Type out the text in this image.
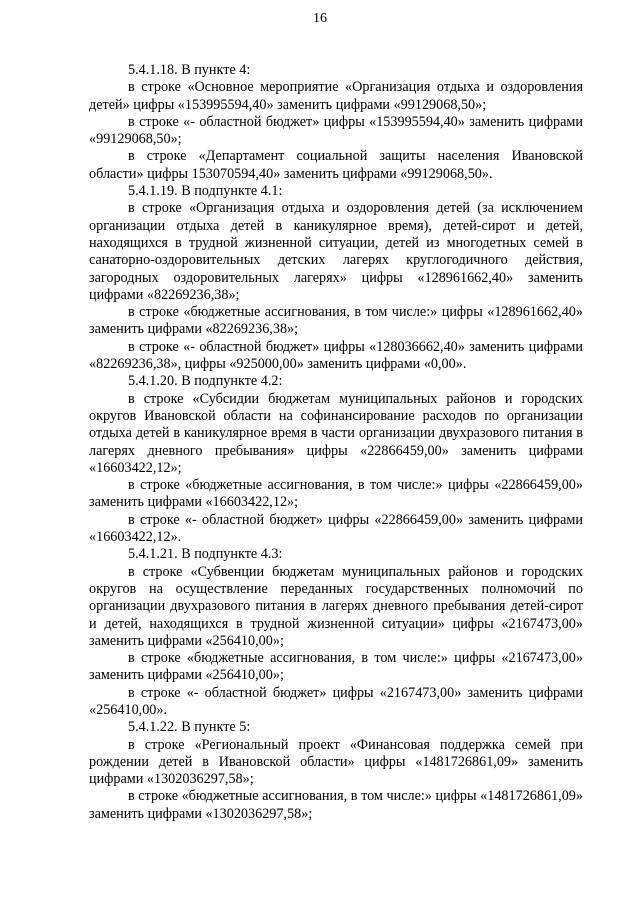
16

5.4.1.18. В пункте 4:

в строке «Основное мероприятие «Организация отдыха и оздоровления детей» цифры «153995594,40» заменить цифрами «99129068,50»;

в строке «- областной бюджет» цифры «153995594,40» заменить цифрами «99129068,50»;

в строке «Департамент социальной защиты населения Ивановской области» цифры 153070594,40» заменить цифрами «99129068,50».

5.4.1.19. В подпункте 4.1:

в строке «Организация отдыха и оздоровления детей (за исключением организации отдыха детей в каникулярное время), детей-сирот и детей, находящихся в трудной жизненной ситуации, детей из многодетных семей в санаторно-оздоровительных детских лагерях круглогодичного действия, загородных оздоровительных лагерях» цифры «128961662,40» заменить цифрами «82269236,38»;

в строке «бюджетные ассигнования, в том числе:» цифры «128961662,40» заменить цифрами «82269236,38»;

в строке «- областной бюджет» цифры «128036662,40» заменить цифрами «82269236,38», цифры «925000,00» заменить цифрами «0,00».

5.4.1.20. В подпункте 4.2:

в строке «Субсидии бюджетам муниципальных районов и городских округов Ивановской области на софинансирование расходов по организации отдыха детей в каникулярное время в части организации двухразового питания в лагерях дневного пребывания» цифры «22866459,00» заменить цифрами «16603422,12»;

в строке «бюджетные ассигнования, в том числе:» цифры «22866459,00» заменить цифрами «16603422,12»;

в строке «- областной бюджет» цифры «22866459,00» заменить цифрами «16603422,12».

5.4.1.21. В подпункте 4.3:

в строке «Субвенции бюджетам муниципальных районов и городских округов на осуществление переданных государственных полномочий по организации двухразового питания в лагерях дневного пребывания детей-сирот и детей, находящихся в трудной жизненной ситуации» цифры «2167473,00» заменить цифрами «256410,00»;

в строке «бюджетные ассигнования, в том числе:» цифры «2167473,00» заменить цифрами «256410,00»;

в строке «- областной бюджет» цифры «2167473,00» заменить цифрами «256410,00».

5.4.1.22. В пункте 5:

в строке «Региональный проект «Финансовая поддержка семей при рождении детей в Ивановской области» цифры «1481726861,09» заменить цифрами «1302036297,58»;

в строке «бюджетные ассигнования, в том числе:» цифры «1481726861,09» заменить цифрами «1302036297,58»;
